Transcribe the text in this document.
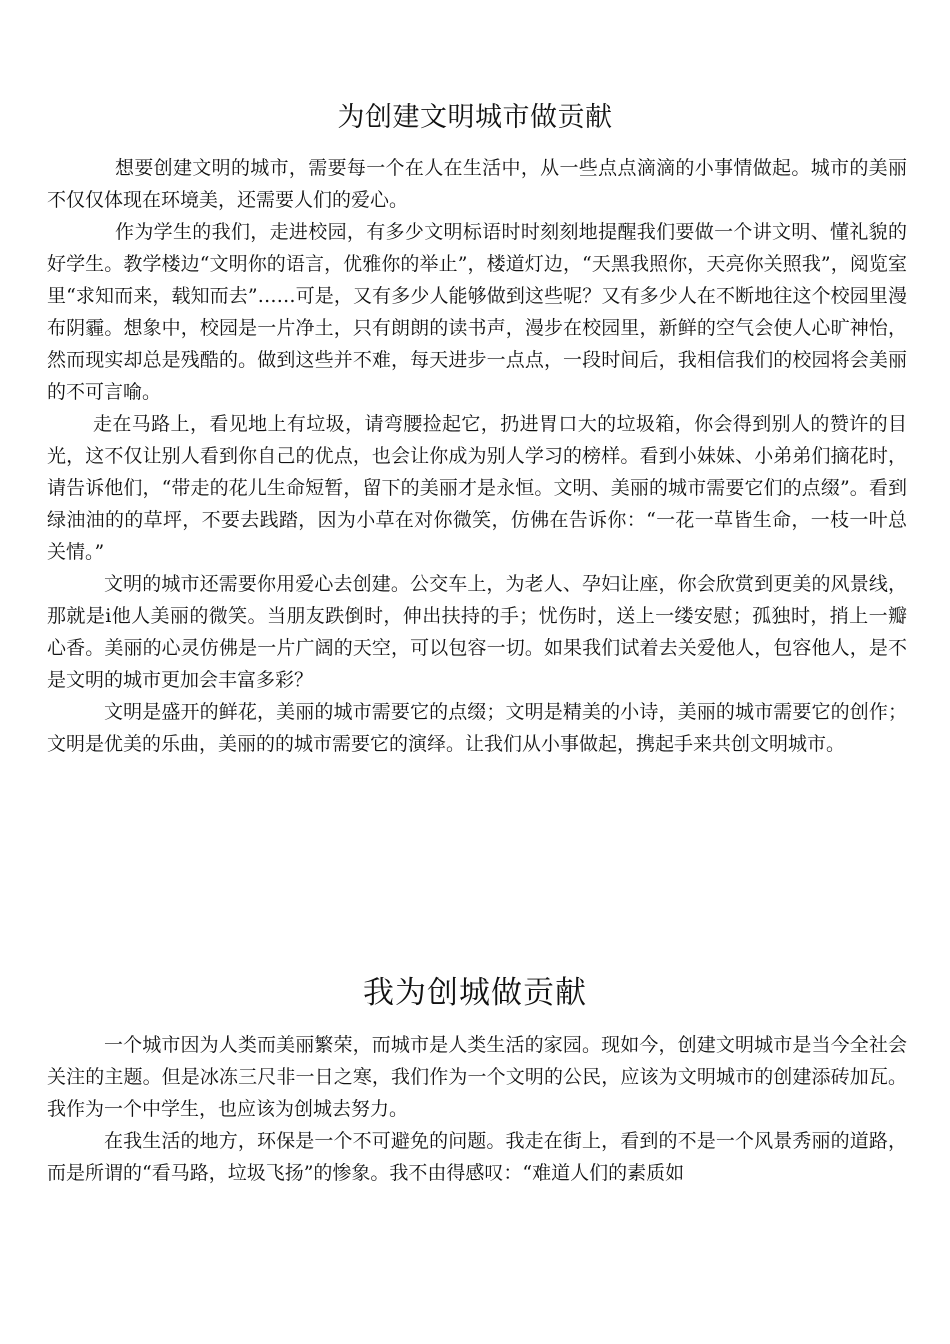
为创建文明城市做贡献

想要创建文明的城市，需要每一个在人在生活中，从一些点点滴滴的小事情做起。城市的美丽不仅仅体现在环境美，还需要人们的爱心。

作为学生的我们，走进校园，有多少文明标语时时刻刻地提醒我们要做一个讲文明、懂礼貌的好学生。教学楼边“文明你的语言，优雅你的举止”，楼道灯边，“天黑我照你，天亮你关照我”，阅览室里“求知而来，载知而去”……可是，又有多少人能够做到这些呢？又有多少人在不断地往这个校园里漫布阴霾。想象中，校园是一片净土，只有朗朗的读书声，漫步在校园里，新鲜的空气会使人心旷神怡，然而现实却总是残酷的。做到这些并不难，每天进步一点点，一段时间后，我相信我们的校园将会美丽的不可言喻。

走在马路上，看见地上有垃圾，请弯腰捡起它，扔进胃口大的垃圾箱，你会得到别人的赞许的目光，这不仅让别人看到你自己的优点，也会让你成为别人学习的榜样。看到小妹妹、小弟弟们摘花时，请告诉他们，“带走的花儿生命短暂，留下的美丽才是永恒。文明、美丽的城市需要它们的点缀”。看到绿油油的的草坪，不要去践踏，因为小草在对你微笑，仿佛在告诉你：“一花一草皆生命，一枝一叶总关情。”

文明的城市还需要你用爱心去创建。公交车上，为老人、孕妇让座，你会欣赏到更美的风景线，那就是i他人美丽的微笑。当朋友跌倒时，伸出扶持的手；忧伤时，送上一缕安慰；孤独时，捎上一瓣心香。美丽的心灵仿佛是一片广阔的天空，可以包容一切。如果我们试着去关爱他人，包容他人，是不是文明的城市更加会丰富多彩？

文明是盛开的鲜花，美丽的城市需要它的点缀；文明是精美的小诗，美丽的城市需要它的创作；文明是优美的乐曲，美丽的的城市需要它的演绎。让我们从小事做起，携起手来共创文明城市。

我为创城做贡献

一个城市因为人类而美丽繁荣，而城市是人类生活的家园。现如今，创建文明城市是当今全社会关注的主题。但是冰冻三尺非一日之寒，我们作为一个文明的公民，应该为文明城市的创建添砖加瓦。我作为一个中学生，也应该为创城去努力。

在我生活的地方，环保是一个不可避免的问题。我走在街上，看到的不是一个风景秀丽的道路，而是所谓的“看马路，垃圾飞扬”的惨象。我不由得感叹：“难道人们的素质如
